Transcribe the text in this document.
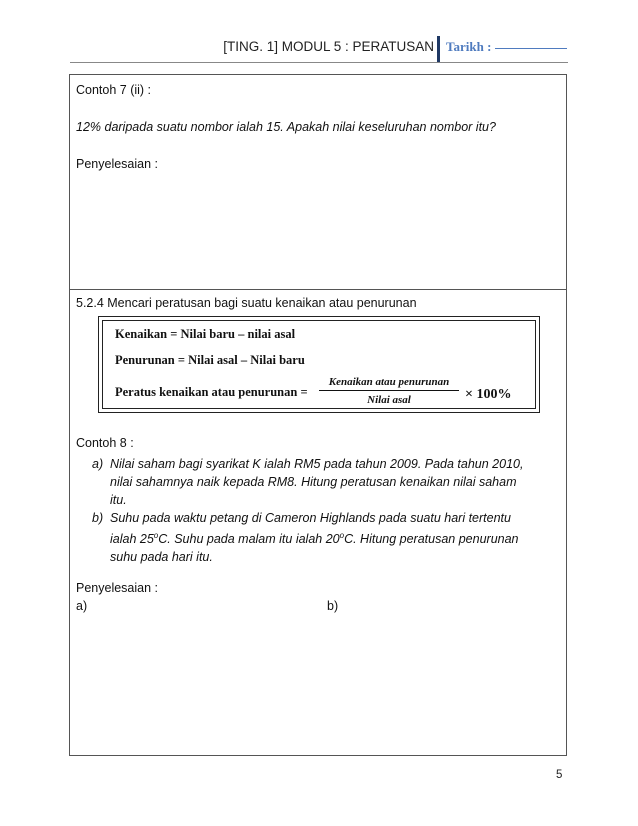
[TING. 1] MODUL 5 : PERATUSAN Tarikh :
Contoh 7 (ii) :
12% daripada suatu nombor ialah 15. Apakah nilai keseluruhan nombor itu?
Penyelesaian :
5.2.4 Mencari peratusan bagi suatu kenaikan atau penurunan
Kenaikan = Nilai baru – nilai asal
Penurunan = Nilai asal – Nilai baru
Peratus kenaikan atau penurunan =
Kenaikan atau penurunan
Nilai asal	× 100%
Contoh 8 :
a) Nilai saham bagi syarikat K ialah RM5 pada tahun 2009. Pada tahun 2010,
nilai sahamnya naik kepada RM8. Hitung peratusan kenaikan nilai saham
itu.
b) Suhu pada waktu petang di Cameron Highlands pada suatu hari tertentu
ialah 25$^o$C. Suhu pada malam itu ialah 20$^o$C. Hitung peratusan penurunan
suhu pada hari itu.
Penyelesaian :
a)	b)
5
